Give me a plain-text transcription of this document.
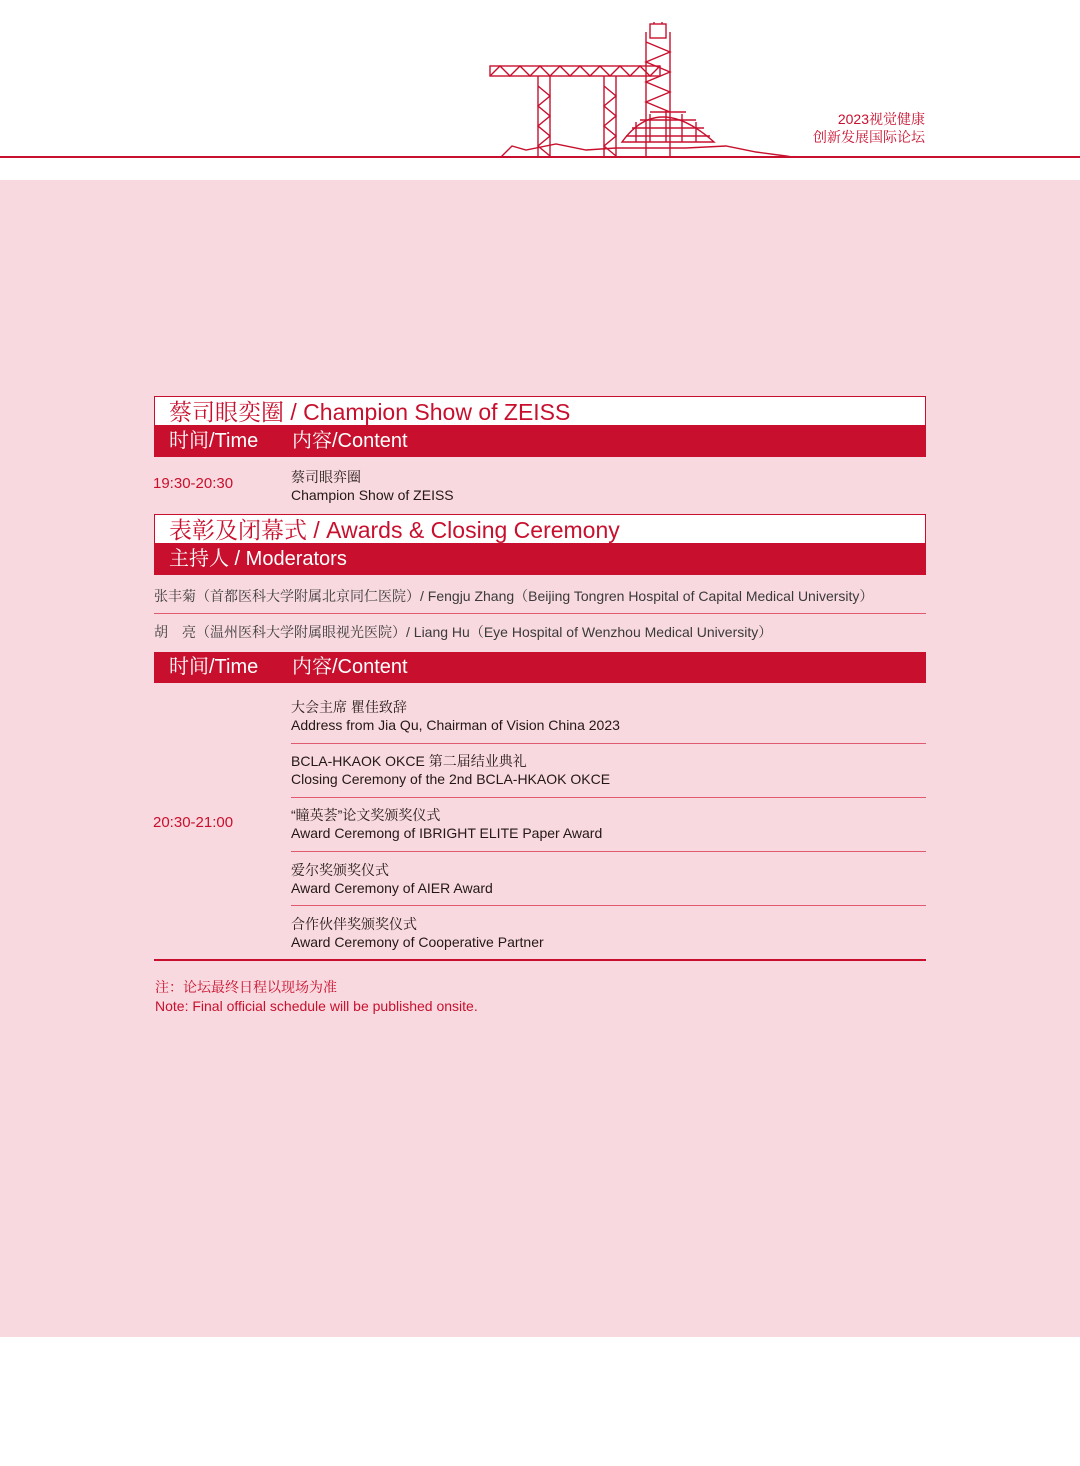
2023视觉健康
创新发展国际论坛
蔡司眼奕圈 / Champion Show of ZEISS
时间/Time 内容/Content
19:30-20:30	蔡司眼弈圈
Champion Show of ZEISS
表彰及闭幕式 / Awards & Closing Ceremony
主持人 / Moderators
张丰菊（首都医科大学附属北京同仁医院）/ Fengju Zhang（Beijing Tongren Hospital of Capital Medical University）
胡　亮（温州医科大学附属眼视光医院）/ Liang Hu（Eye Hospital of Wenzhou Medical University）
时间/Time 内容/Content
20:30-21:00
大会主席 瞿佳致辞
Address from Jia Qu, Chairman of Vision China 2023
BCLA-HKAOK OKCE 第二届结业典礼
Closing Ceremony of the 2nd BCLA-HKAOK OKCE
“瞳英荟”论文奖颁奖仪式
Award Ceremong of IBRIGHT ELITE Paper Award
爱尔奖颁奖仪式
Award Ceremony of AIER Award
合作伙伴奖颁奖仪式
Award Ceremony of Cooperative Partner
注：论坛最终日程以现场为准
Note: Final official schedule will be published onsite.
